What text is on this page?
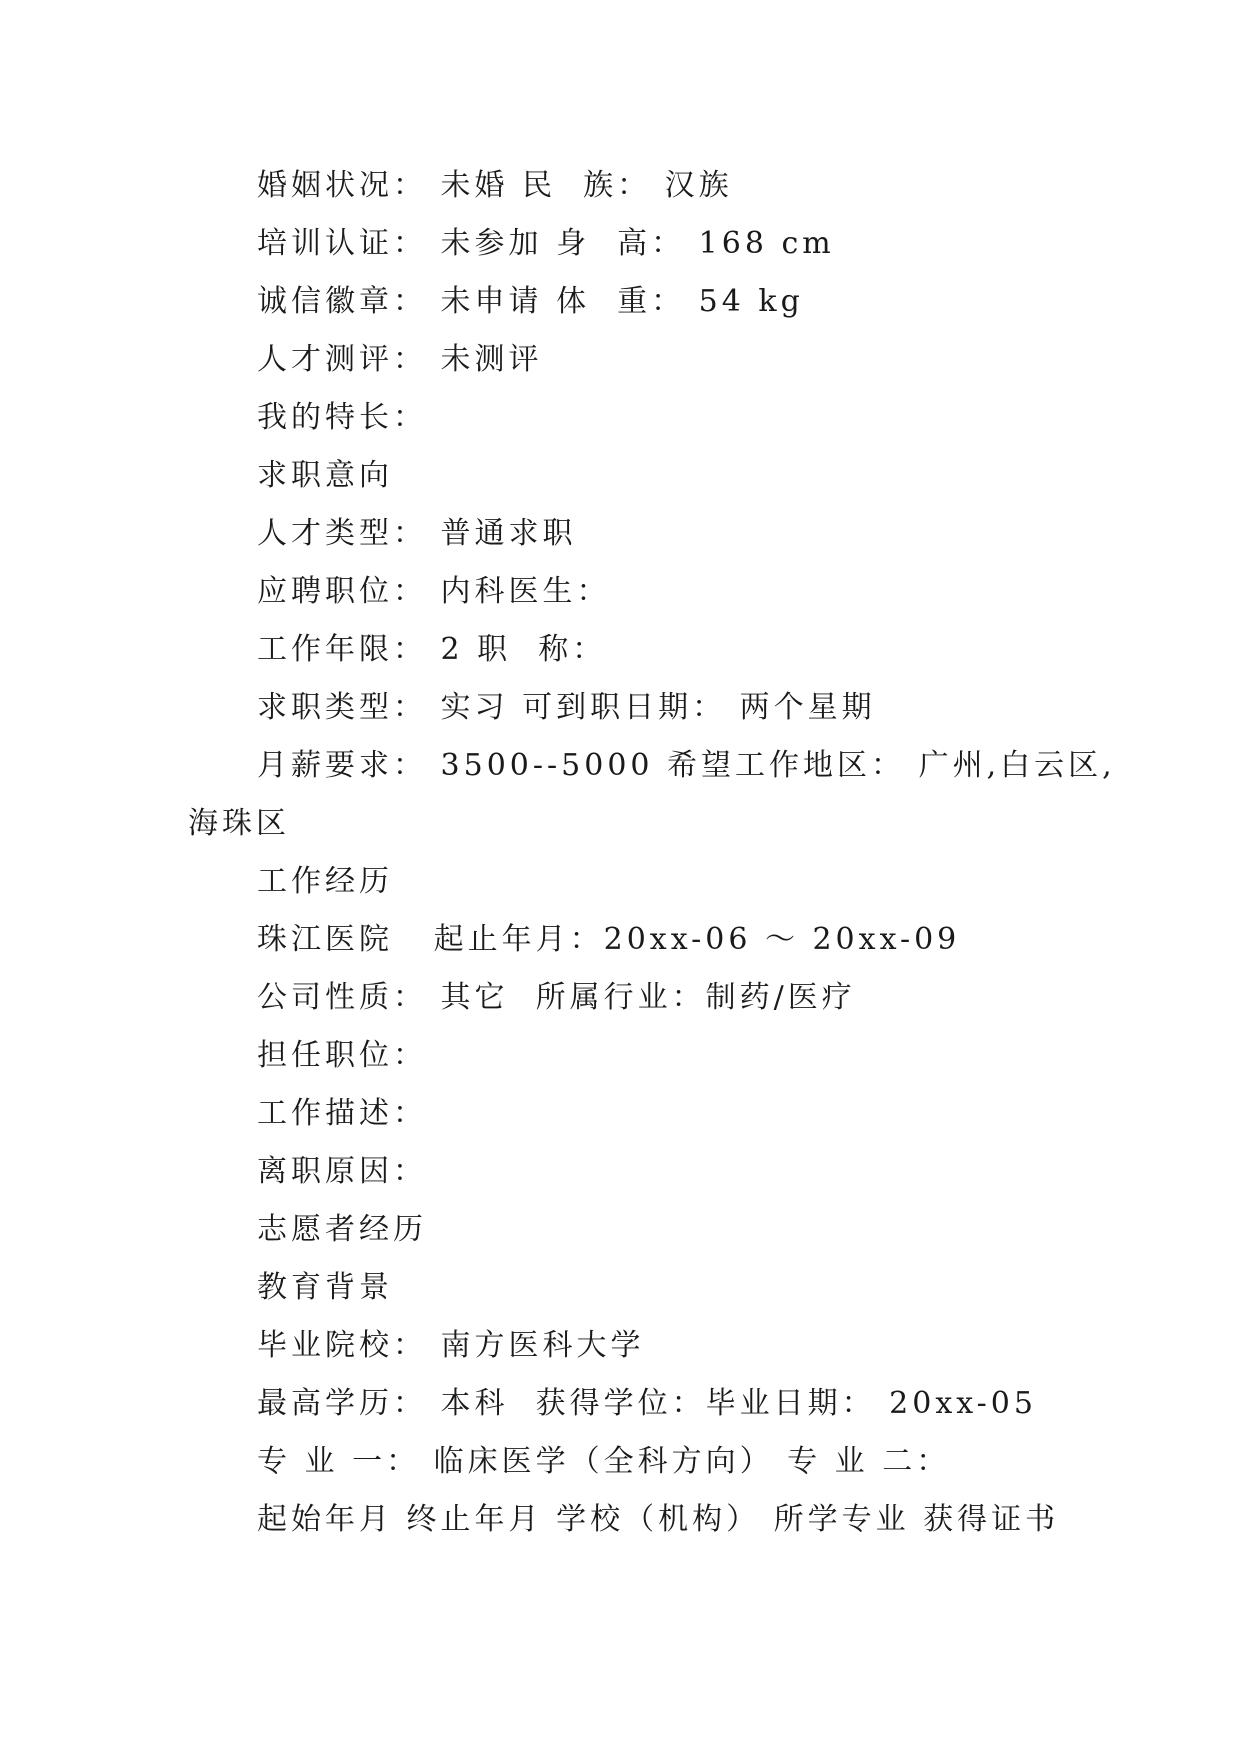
婚姻状况： 未婚 民  族： 汉族
培训认证： 未参加 身  高： 168 cm
诚信徽章： 未申请 体  重： 54 kg
人才测评： 未测评
我的特长：
求职意向
人才类型： 普通求职
应聘职位： 内科医生：
工作年限： 2 职  称：
求职类型： 实习 可到职日期： 两个星期
月薪要求： 3500--5000 希望工作地区： 广州,白云区,
海珠区
工作经历
珠江医院   起止年月：20xx-06 ～ 20xx-09
公司性质： 其它  所属行业：制药/医疗
担任职位：
工作描述：
离职原因：
志愿者经历
教育背景
毕业院校： 南方医科大学
最高学历： 本科  获得学位：毕业日期： 20xx-05
专 业 一： 临床医学（全科方向） 专 业 二：
起始年月 终止年月 学校（机构） 所学专业 获得证书
